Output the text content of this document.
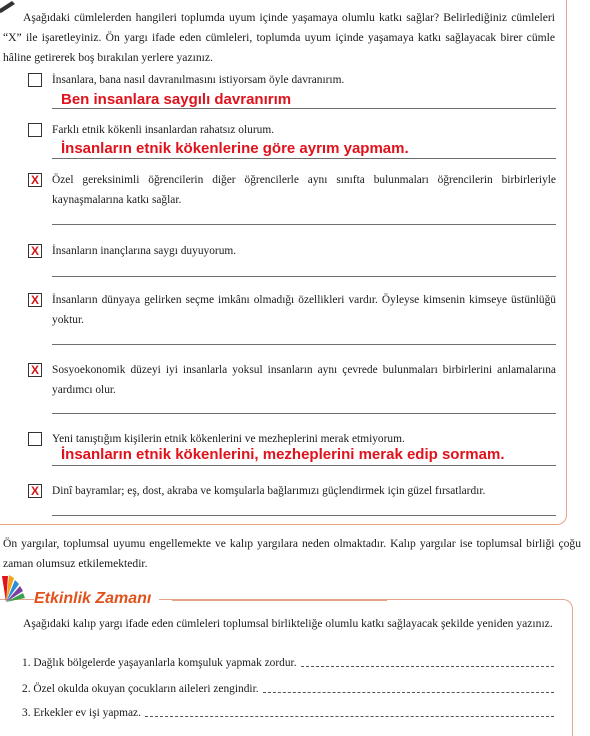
Aşağıdaki cümlelerden hangileri toplumda uyum içinde yaşamaya olumlu katkı sağlar? Belirlediğiniz cümleleri “X” ile işaretleyiniz. Ön yargı ifade eden cümleleri, toplumda uyum içinde yaşamaya katkı sağlayacak birer cümle hâline getirerek boş bırakılan yerlere yazınız.
İnsanlara, bana nasıl davranılmasını istiyorsam öyle davranırım.
Ben insanlara saygılı davranırım
Farklı etnik kökenli insanlardan rahatsız olurum.
İnsanların etnik kökenlerine göre ayrım yapmam.
X Özel gereksinimli öğrencilerin diğer öğrencilerle aynı sınıfta bulunmaları öğrencilerin birbirleriyle kaynaşmalarına katkı sağlar.
X İnsanların inançlarına saygı duyuyorum.
X İnsanların dünyaya gelirken seçme imkânı olmadığı özellikleri vardır. Öyleyse kimsenin kimseye üstünlüğü yoktur.
X Sosyoekonomik düzeyi iyi insanlarla yoksul insanların aynı çevrede bulunmaları birbirlerini anlamalarına yardımcı olur.
Yeni tanıştığım kişilerin etnik kökenlerini ve mezheplerini merak etmiyorum.
İnsanların etnik kökenlerini, mezheplerini merak edip sormam.
X Dinî bayramlar; eş, dost, akraba ve komşularla bağlarımızı güçlendirmek için güzel fırsatlardır.
Ön yargılar, toplumsal uyumu engellemekte ve kalıp yargılara neden olmaktadır. Kalıp yargılar ise toplumsal birliği çoğu zaman olumsuz etkilemektedir.
Etkinlik Zamanı
Aşağıdaki kalıp yargı ifade eden cümleleri toplumsal birlikteliğe olumlu katkı sağlayacak şekilde yeniden yazınız.
1. Dağlık bölgelerde yaşayanlarla komşuluk yapmak zordur.
2. Özel okulda okuyan çocukların aileleri zengindir.
3. Erkekler ev işi yapmaz.
